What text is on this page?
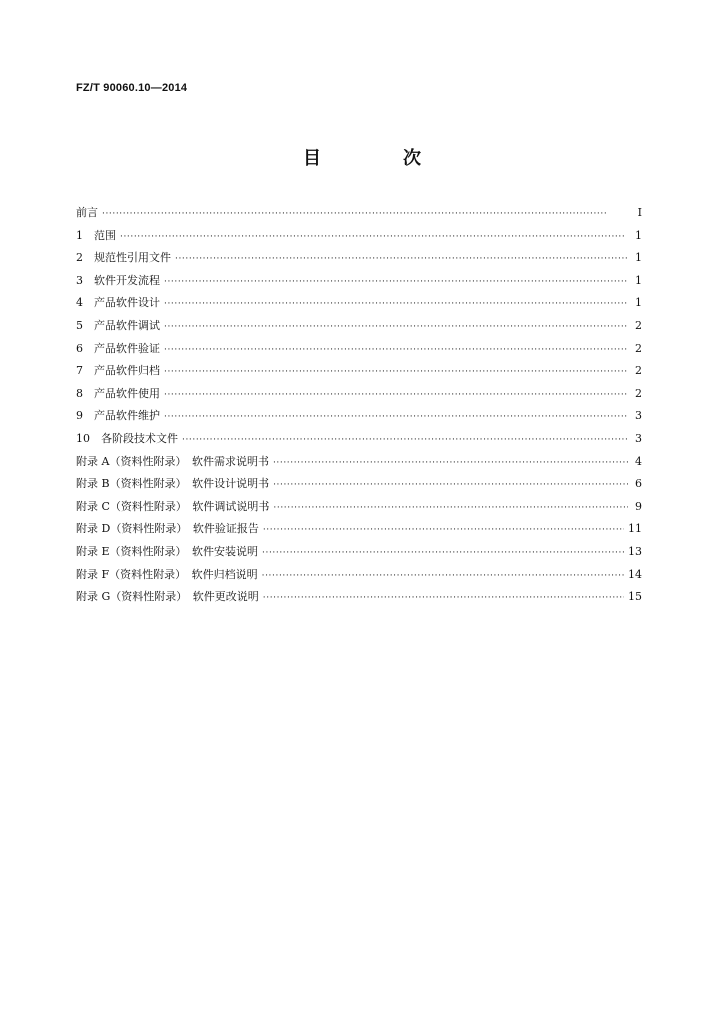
FZ/T 90060.10—2014
目　次
前言 ·····	Ⅰ
1　范围 ·····	1
2　规范性引用文件 ·····	1
3　软件开发流程 ·····	1
4　产品软件设计 ·····	1
5　产品软件调试 ·····	2
6　产品软件验证 ·····	2
7　产品软件归档 ·····	2
8　产品软件使用 ·····	2
9　产品软件维护 ·····	3
10　各阶段技术文件 ·····	3
附录 A（资料性附录）　软件需求说明书 ·····	4
附录 B（资料性附录）　软件设计说明书 ·····	6
附录 C（资料性附录）　软件调试说明书 ·····	9
附录 D（资料性附录）　软件验证报告 ·····	11
附录 E（资料性附录）　软件安装说明 ·····	13
附录 F（资料性附录）　软件归档说明 ·····	14
附录 G（资料性附录）　软件更改说明 ·····	15
